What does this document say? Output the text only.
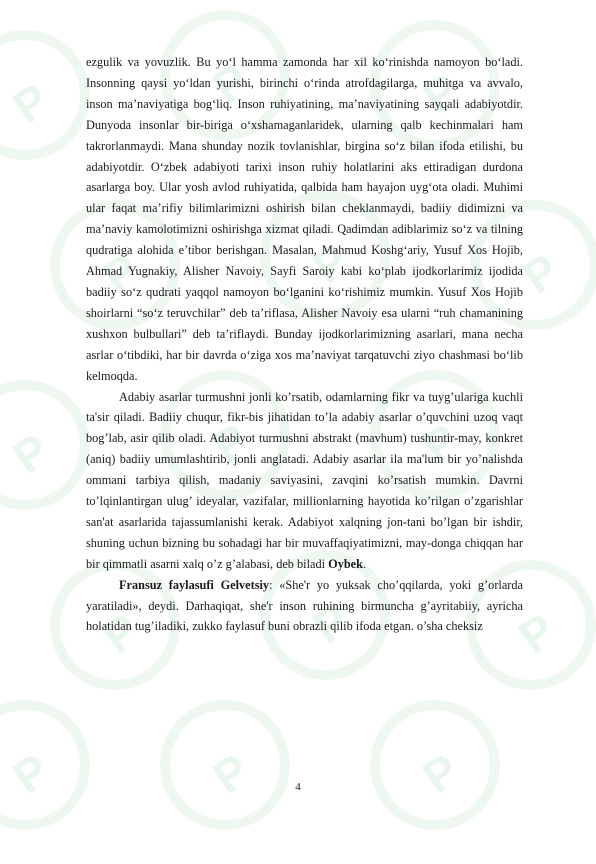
P	P	P
P	P	P
P	P	P
P	P	P
P	P	P

ezgulik va yovuzlik. Bu yo‘l hamma zamonda har xil ko‘rinishda namoyon bo‘ladi. Insonning qaysi yo‘ldan yurishi, birinchi o‘rinda atrofdagilarga, muhitga va avvalo, inson ma’naviyatiga bog‘liq. Inson ruhiyatining, ma’naviyatining sayqali adabiyotdir. Dunyoda insonlar bir-biriga o‘xshamaganlaridek, ularning qalb kechinmalari ham takrorlanmaydi. Mana shunday nozik tovlanishlar, birgina so‘z bilan ifoda etilishi, bu adabiyotdir. O‘zbek adabiyoti tarixi inson ruhiy holatlarini aks ettiradigan durdona asarlarga boy. Ular yosh avlod ruhiyatida, qalbida ham hayajon uyg‘ota oladi. Muhimi ular faqat ma’rifiy bilimlarimizni oshirish bilan cheklanmaydi, badiiy didimizni va ma’naviy kamolotimizni oshirishga xizmat qiladi. Qadimdan adiblarimiz so‘z va tilning qudratiga alohida e’tibor berishgan. Masalan, Mahmud Koshg‘ariy, Yusuf Xos Hojib, Ahmad Yugnakiy, Alisher Navoiy, Sayfi Saroiy kabi ko‘plab ijodkorlarimiz ijodida badiiy so‘z qudrati yaqqol namoyon bo‘lganini ko‘rishimiz mumkin. Yusuf Xos Hojib shoirlarni “so‘z teruvchilar” deb ta’riflasa, Alisher Navoiy esa ularni “ruh chamanining xushxon bulbullari” deb ta’riflaydi. Bunday ijodkorlarimizning asarlari, mana necha asrlar o‘tibdiki, har bir davrda o‘ziga xos ma’naviyat tarqatuvchi ziyo chashmasi bo‘lib kelmoqda.

Adabiy asarlar turmushni jonli ko’rsatib, odamlarning fikr va tuyg’ulariga kuchli ta'sir qiladi. Badiiy chuqur, fikr-bis jihatidan to’la adabiy asarlar o’quvchini uzoq vaqt bog’lab, asir qilib oladi. Adabiyot turmushni abstrakt (mavhum) tushuntir-may, konkret (aniq) badiiy umumlashtirib, jonli anglatadi. Adabiy asarlar ila ma'lum bir yo’nalishda ommani tarbiya qilish, madaniy saviyasini, zavqini ko’rsatish mumkin. Davrni to’lqinlantirgan ulug’ ideyalar, vazifalar, millionlarning hayotida ko’rilgan o’zgarishlar san'at asarlarida tajassumlanishi kerak. Adabiyot xalqning jon-tani bo’lgan bir ishdir, shuning uchun bizning bu sohadagi har bir muvaffaqiyatimizni, may-donga chiqqan har bir qimmatli asarni xalq o’z g’alabasi, deb biladi Oybek.

Fransuz faylasufi Gelvetsiy: «She'r yo yuksak cho’qqilarda, yoki g’orlarda yaratiladi», deydi. Darhaqiqat, she'r inson ruhining birmuncha g’ayritabiiy, ayricha holatidan tug’iladiki, zukko faylasuf buni obrazli qilib ifoda etgan. o’sha cheksiz

4
